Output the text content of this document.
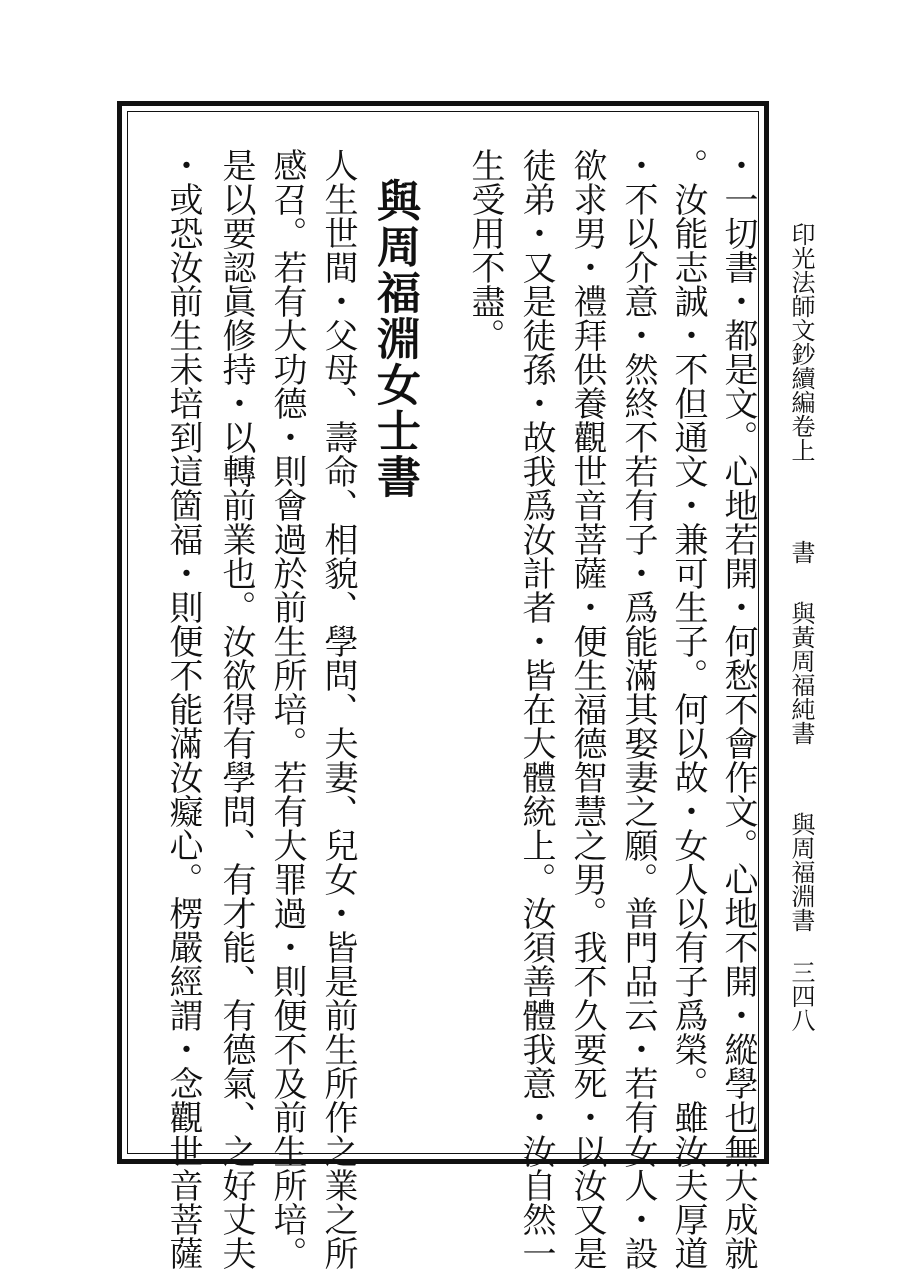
・一切書・都是文。心地若開・何愁不會作文。心地不開・縱學也無大成就
。汝能志誠・不但通文・兼可生子。何以故・女人以有子爲榮。雖汝夫厚道
・不以介意・然終不若有子・爲能滿其娶妻之願。普門品云・若有女人・設
欲求男・禮拜供養觀世音菩薩・便生福德智慧之男。我不久要死・以汝又是
徒弟・又是徒孫・故我爲汝計者・皆在大體統上。汝須善體我意・汝自然一
生受用不盡。
與周福淵女士書
人生世間・父母、壽命、相貌、學問、夫妻、兒女・皆是前生所作之業之所
感召。若有大功德・則會過於前生所培。若有大罪過・則便不及前生所培。
是以要認眞修持・以轉前業也。汝欲得有學問、有才能、有德氣、之好丈夫
・或恐汝前生未培到這箇福・則便不能滿汝癡心。楞嚴經謂・念觀世音菩薩	印光法師文鈔續編卷上
書
與黃周福純書
與周福淵書
三四八
